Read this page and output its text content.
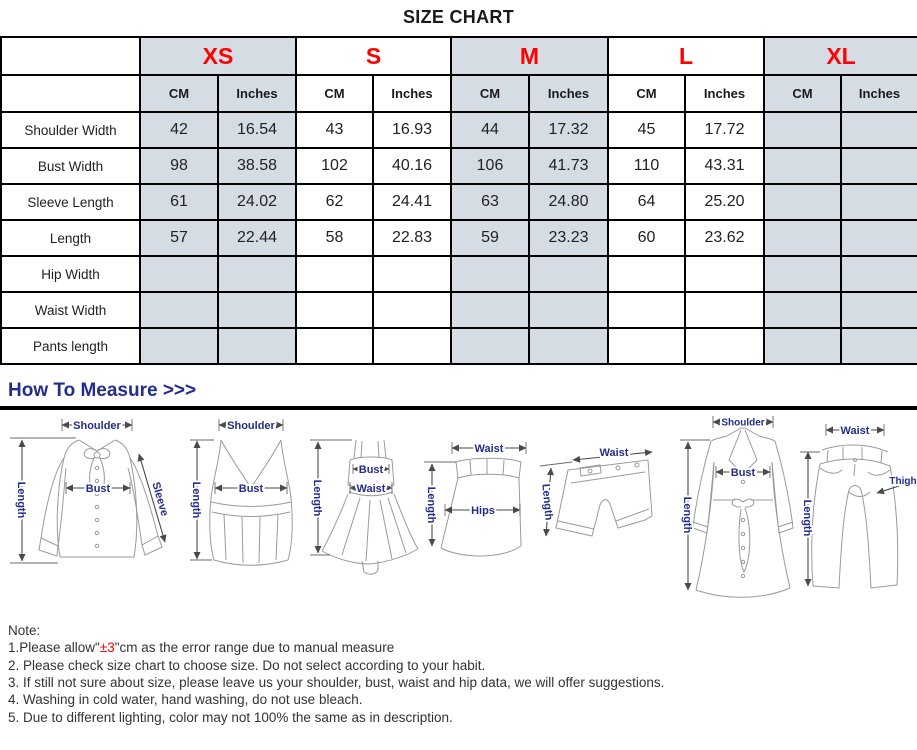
SIZE CHART
	XS		S		M		L		XL	
	CM	Inches	CM	Inches	CM	Inches	CM	Inches	CM	Inches
Shoulder Width	42	16.54	43	16.93	44	17.32	45	17.72		
Bust Width	98	38.58	102	40.16	106	41.73	110	43.31		
Sleeve Length	61	24.02	62	24.41	63	24.80	64	25.20		
Length	57	22.44	58	22.83	59	23.23	60	23.62		
Hip Width										
Waist Width										
Pants length										
How To Measure >>>
Shoulder
Bust	Sleeve
Length
Shoulder
Bust
Length
Bust
Waist
Length
Waist
Hips
Length
Waist
Length
Shoulder
Bust
Length
Waist
Thigh
Length
Note:
1.Please allow"±3"cm as the error range due to manual measure
2. Please check size chart to choose size. Do not select according to your habit.
3. If still not sure about size, please leave us your shoulder, bust, waist and hip data, we will offer suggestions.
4. Washing in cold water, hand washing, do not use bleach.
5. Due to different lighting, color may not 100% the same as in description.
